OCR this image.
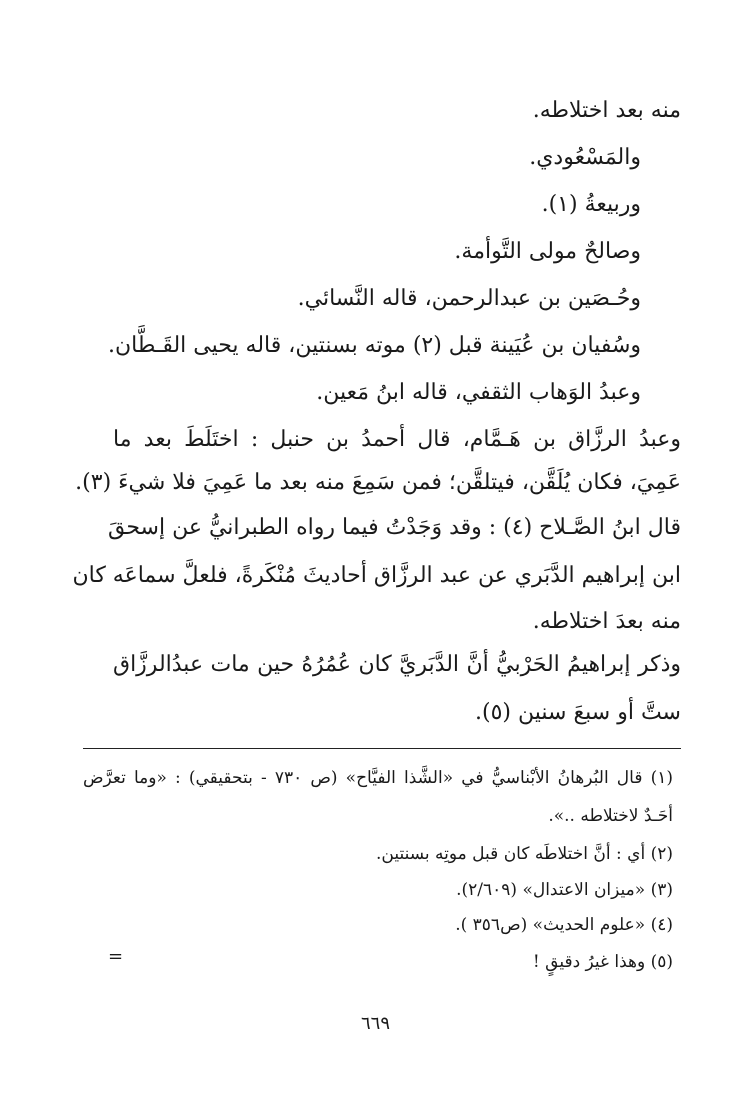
منه بعد اختلاطه.
والمَسْعُودي.
وربيعةُ (١).
وصالحٌ مولى التَّوأمة.
وحُـصَين بن عبدالرحمن، قاله النَّسائي.
وسُفيان بن عُيَينة قبل (٢) موته بسنتين، قاله يحيى القَـطَّان.
وعبدُ الوَهاب الثقفي، قاله ابنُ مَعين.
وعبدُ الرزَّاق بن هَـمَّام، قال أحمدُ بن حنبل : اختَلَطَ بعد ما
عَمِيَ، فكان يُلَقَّن، فيتلقَّن؛ فمن سَمِعَ منه بعد ما عَمِيَ فلا شيءَ (٣).
قال ابنُ الصَّـلاح (٤) : وقد وَجَدْتُ فيما رواه الطبرانيُّ عن إسحقَ
ابن إبراهيم الدَّبَري عن عبد الرزَّاق أحاديثَ مُنْكَرةً، فلعلَّ سماعَه كان
منه بعدَ اختلاطه.
وذكر إبراهيمُ الحَرْبيُّ أنَّ الدَّبَريَّ كان عُمُرُهُ حين مات عبدُالرزَّاق
ستَّ أو سبعَ سنين (٥).
(١) قال البُرهانُ الأبْناسيُّ في «الشَّذا الفيَّاح» (ص ٧٣٠ - بتحقيقي) : «وما تعرَّض
أحَـدٌ لاختلاطه ..».
(٢) أي : أنَّ اختلاطَه كان قبل موتِه بسنتين.
(٣) «ميزان الاعتدال» (٢/٦٠٩).
(٤) «علوم الحديث» (ص٣٥٦ ).
(٥) وهذا غيرُ دقيقٍ !
=
٦٦٩
